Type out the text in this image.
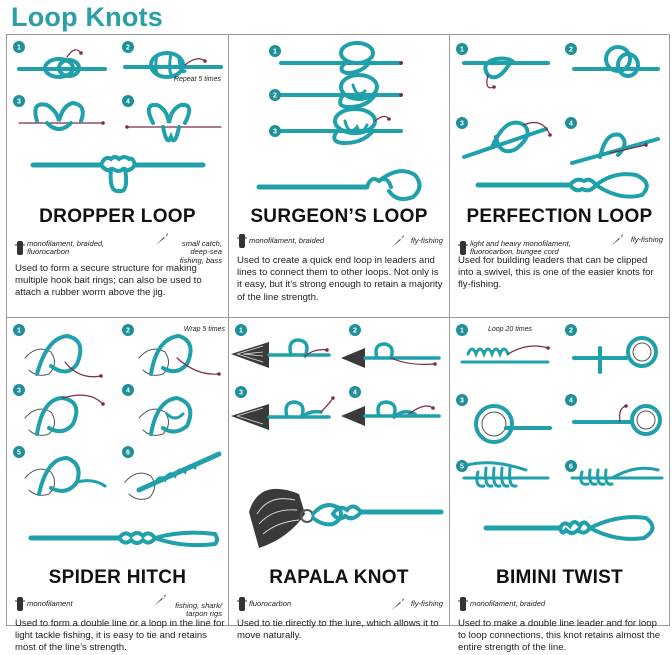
Loop Knots
1	2
3	4
Repeat 5 times
DROPPER LOOP

monofilament, braided,
fluorocarbon

small catch,
deep-sea
fishing, bass

Used to form a secure structure for making multiple hook bait rings; can also be used to attach a rubber worm above the jig.
1
2
3
SURGEON’S LOOP
monofilament, braided	fly-fishing
Used to create a quick end loop in leaders and lines to connect them to other loops. Not only is it easy, but it’s strong enough to retain a majority of the line strength.
1	2
3	4
PERFECTION LOOP

light and heavy monofilament,
fluorocarbon, bungee cord

fly-fishing
Used for building leaders that can be clipped into a swivel, this is one of the easier knots for fly-fishing.
1	2
3	4
5	6
Wrap 5 times
SPIDER HITCH
monofilament	fishing, shark/
tarpon rigs

Used to form a double line or a loop in the line for light tackle fishing, it is easy to tie and retains most of the line’s strength.
1	2
3	4
RAPALA KNOT
fluorocarbon	fly-fishing
Used to tie directly to the lure, which allows it to move naturally.
1	2
3	4
5	6
Loop 20 times
BIMINI TWIST
monofilament, braided
Used to make a double line leader and for loop to loop connections, this knot retains almost the entire strength of the line.
